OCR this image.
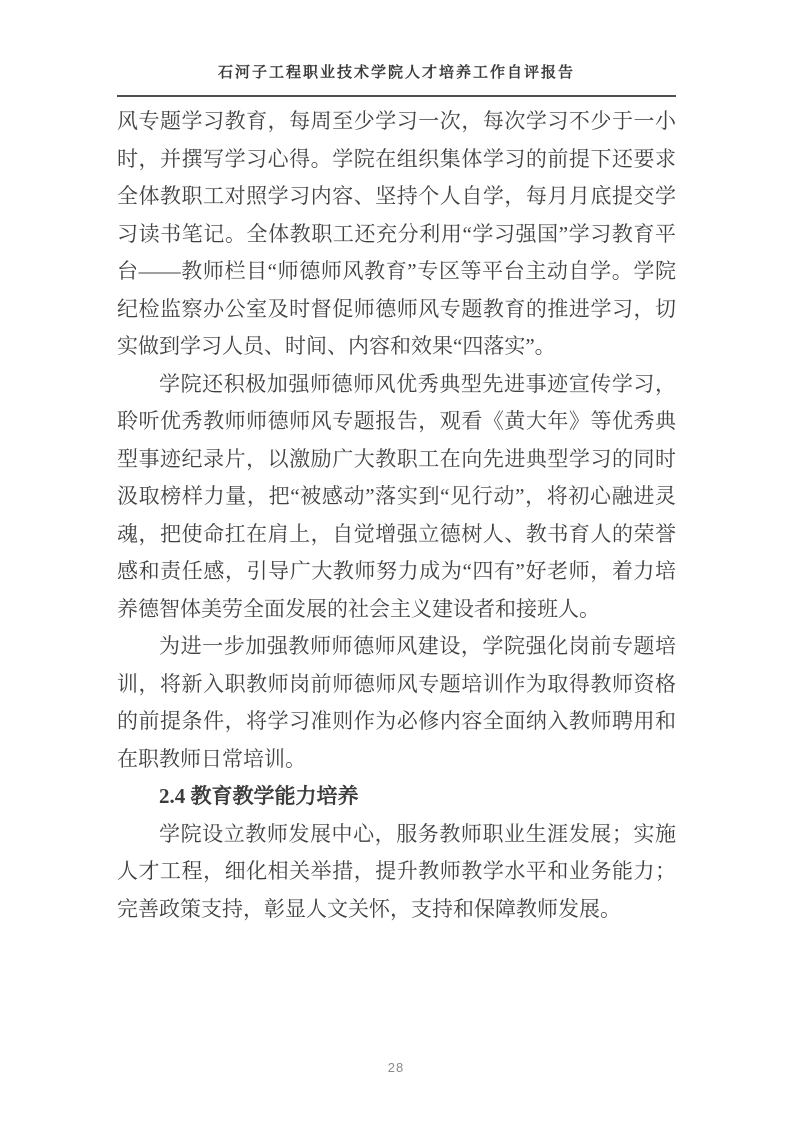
石河子工程职业技术学院人才培养工作自评报告

风专题学习教育，每周至少学习一次，每次学习不少于一小时，并撰写学习心得。学院在组织集体学习的前提下还要求全体教职工对照学习内容、坚持个人自学，每月月底提交学习读书笔记。全体教职工还充分利用“学习强国”学习教育平台——教师栏目“师德师风教育”专区等平台主动自学。学院纪检监察办公室及时督促师德师风专题教育的推进学习，切实做到学习人员、时间、内容和效果“四落实”。

学院还积极加强师德师风优秀典型先进事迹宣传学习，聆听优秀教师师德师风专题报告，观看《黄大年》等优秀典型事迹纪录片，以激励广大教职工在向先进典型学习的同时汲取榜样力量，把“被感动”落实到“见行动”，将初心融进灵魂，把使命扛在肩上，自觉增强立德树人、教书育人的荣誉感和责任感，引导广大教师努力成为“四有”好老师，着力培养德智体美劳全面发展的社会主义建设者和接班人。

为进一步加强教师师德师风建设，学院强化岗前专题培训，将新入职教师岗前师德师风专题培训作为取得教师资格的前提条件，将学习准则作为必修内容全面纳入教师聘用和在职教师日常培训。

2.4 教育教学能力培养

学院设立教师发展中心，服务教师职业生涯发展；实施人才工程，细化相关举措，提升教师教学水平和业务能力；完善政策支持，彰显人文关怀，支持和保障教师发展。

28
